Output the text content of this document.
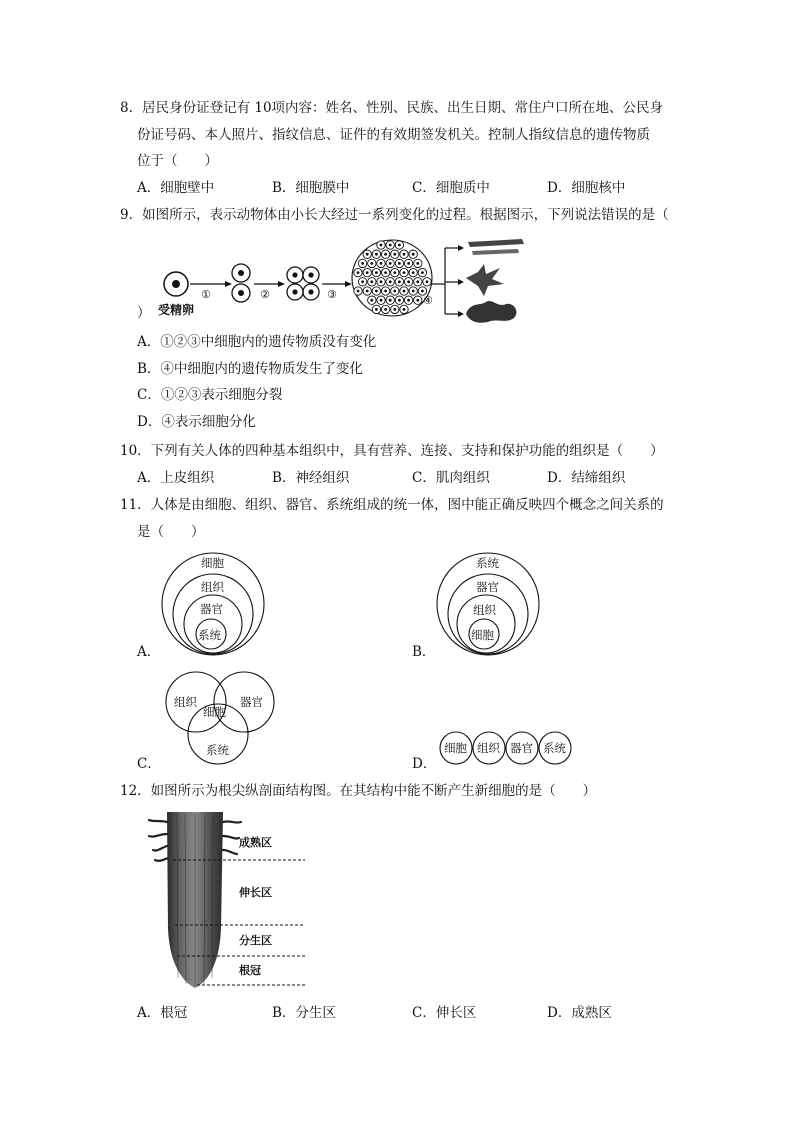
8．居民身份证登记有 10项内容：姓名、性别、民族、出生日期、常住户口所在地、公民身
份证号码、本人照片、指纹信息、证件的有效期签发机关。控制人指纹信息的遗传物质
位于（　　）
A．细胞壁中	B．细胞膜中	C．细胞质中	D．细胞核中
9．如图所示，表示动物体由小长大经过一系列变化的过程。根据图示，下列说法错误的是（
受精卵
①	②	③	④
）
A．①②③中细胞内的遗传物质没有变化
B．④中细胞内的遗传物质发生了变化
C．①②③表示细胞分裂
D．④表示细胞分化
10．下列有关人体的四种基本组织中，具有营养、连接、支持和保护功能的组织是（　　）
A．上皮组织	B．神经组织	C．肌肉组织	D．结缔组织
11．人体是由细胞、组织、器官、系统组成的统一体，图中能正确反映四个概念之间关系的
是（　　）
细胞
组织
器官
系统
A．
系统
器官
组织
细胞
B．
组织	器官
细胞
系统
C．
细胞 组织 器官 系统
D．
12．如图所示为根尖纵剖面结构图。在其结构中能不断产生新细胞的是（　　）
成熟区
伸长区
分生区
根冠
A．根冠	B．分生区	C．伸长区	D．成熟区
